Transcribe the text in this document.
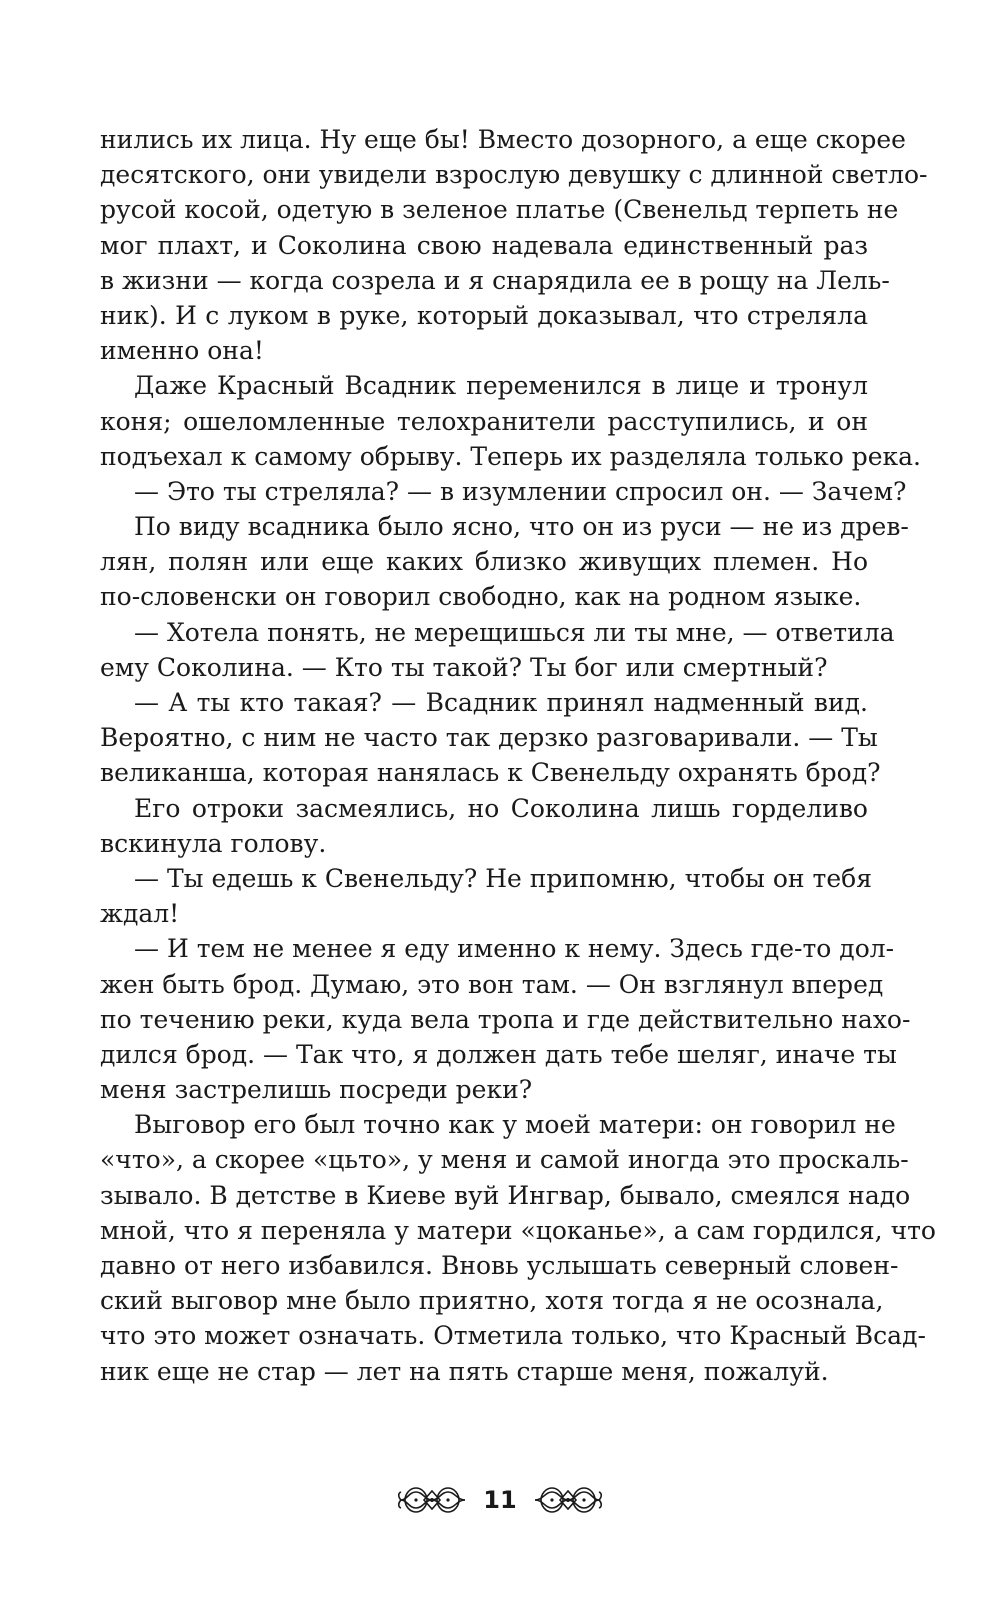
нились их лица. Ну еще бы! Вместо дозорного, а еще скорее
десятского, они увидели взрослую девушку с длинной светло-
русой косой, одетую в зеленое платье (Свенельд терпеть не
мог плахт, и Соколина свою надевала единственный раз
в жизни — когда созрела и я снарядила ее в рощу на Лель-
ник). И с луком в руке, который доказывал, что стреляла
именно она!
Даже Красный Всадник переменился в лице и тронул
коня; ошеломленные телохранители расступились, и он
подъехал к самому обрыву. Теперь их разделяла только река.
— Это ты стреляла? — в изумлении спросил он. — Зачем?
По виду всадника было ясно, что он из руси — не из древ-
лян, полян или еще каких близко живущих племен. Но
по-словенски он говорил свободно, как на родном языке.
— Хотела понять, не мерещишься ли ты мне, — ответила
ему Соколина. — Кто ты такой? Ты бог или смертный?
— А ты кто такая? — Всадник принял надменный вид.
Вероятно, с ним не часто так дерзко разговаривали. — Ты
великанша, которая нанялась к Свенельду охранять брод?
Его отроки засмеялись, но Соколина лишь горделиво
вскинула голову.
— Ты едешь к Свенельду? Не припомню, чтобы он тебя
ждал!
— И тем не менее я еду именно к нему. Здесь где-то дол-
жен быть брод. Думаю, это вон там. — Он взглянул вперед
по течению реки, куда вела тропа и где действительно нахо-
дился брод. — Так что, я должен дать тебе шеляг, иначе ты
меня застрелишь посреди реки?
Выговор его был точно как у моей матери: он говорил не
«что», а скорее «цьто», у меня и самой иногда это проскаль-
зывало. В детстве в Киеве вуй Ингвар, бывало, смеялся надо
мной, что я переняла у матери «цоканье», а сам гордился, что
давно от него избавился. Вновь услышать северный словен-
ский выговор мне было приятно, хотя тогда я не осознала,
что это может означать. Отметила только, что Красный Всад-
ник еще не стар — лет на пять старше меня, пожалуй.
11
